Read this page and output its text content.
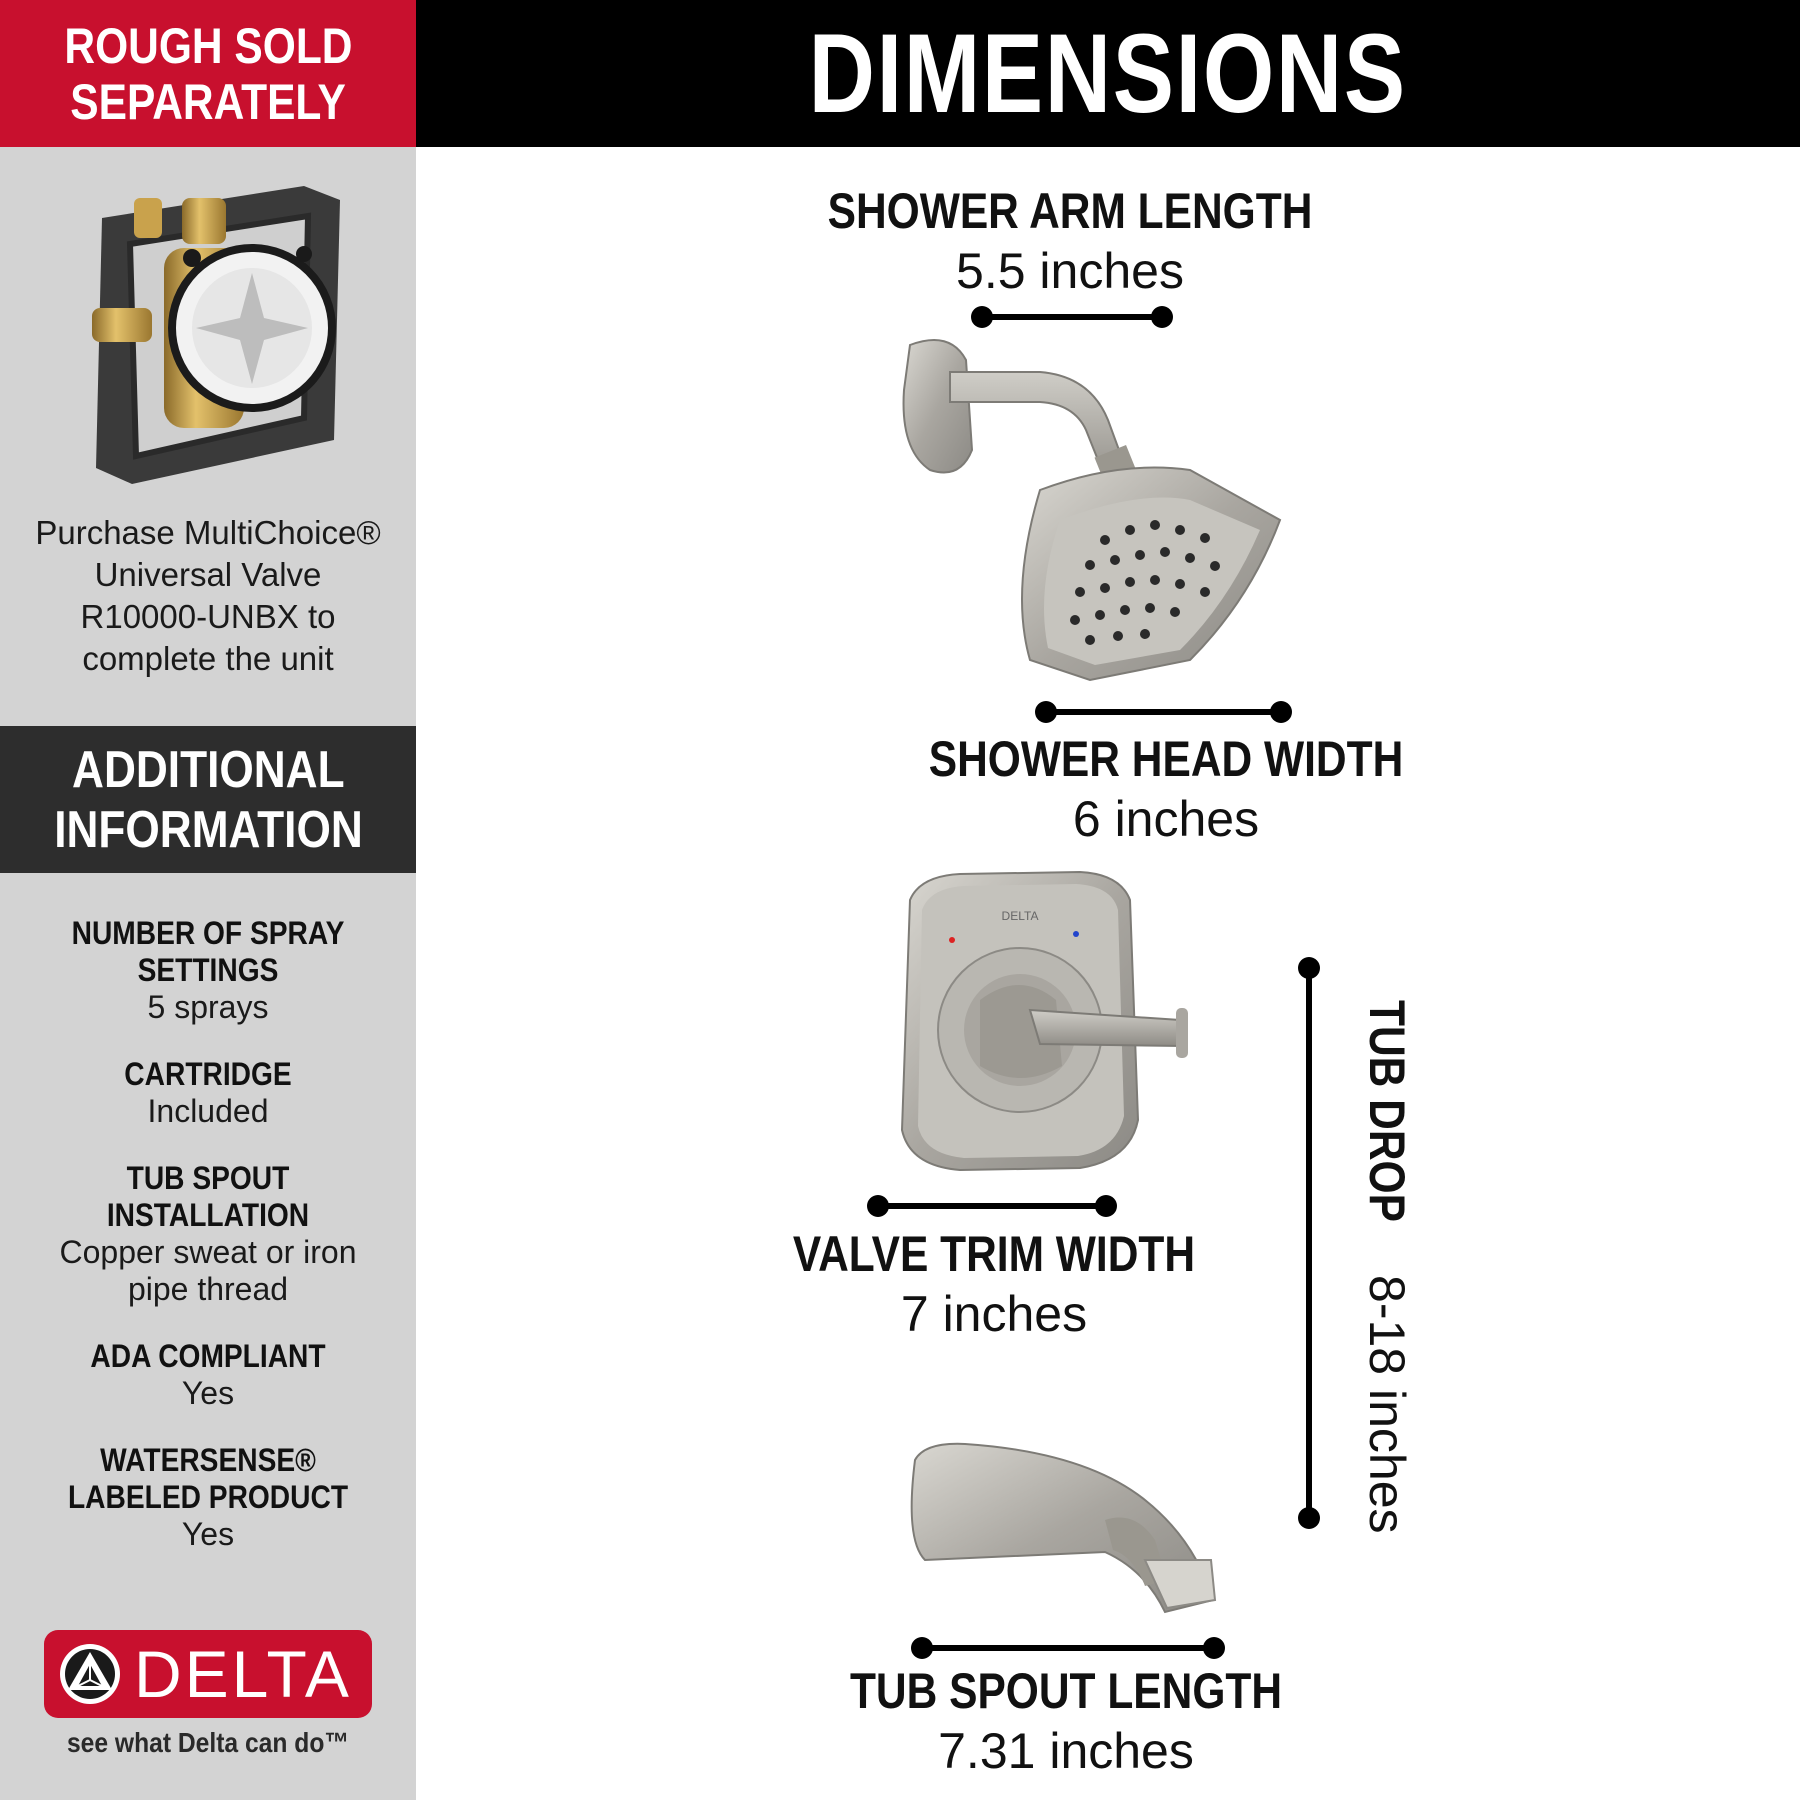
ROUGH SOLD
SEPARATELY
Purchase MultiChoice®
Universal Valve
R10000-UNBX to
complete the unit
ADDITIONAL
INFORMATION
NUMBER OF SPRAY
SETTINGS
5 sprays
CARTRIDGE
Included
TUB SPOUT
INSTALLATION
Copper sweat or iron
pipe thread
ADA COMPLIANT
Yes
WATERSENSE®
LABELED PRODUCT
Yes
DELTA
see what Delta can do™
DIMENSIONS
SHOWER ARM LENGTH
5.5 inches
SHOWER HEAD WIDTH
6 inches
DELTA
VALVE TRIM WIDTH
7 inches
TUB DROP 8-18 inches
TUB SPOUT LENGTH
7.31 inches
